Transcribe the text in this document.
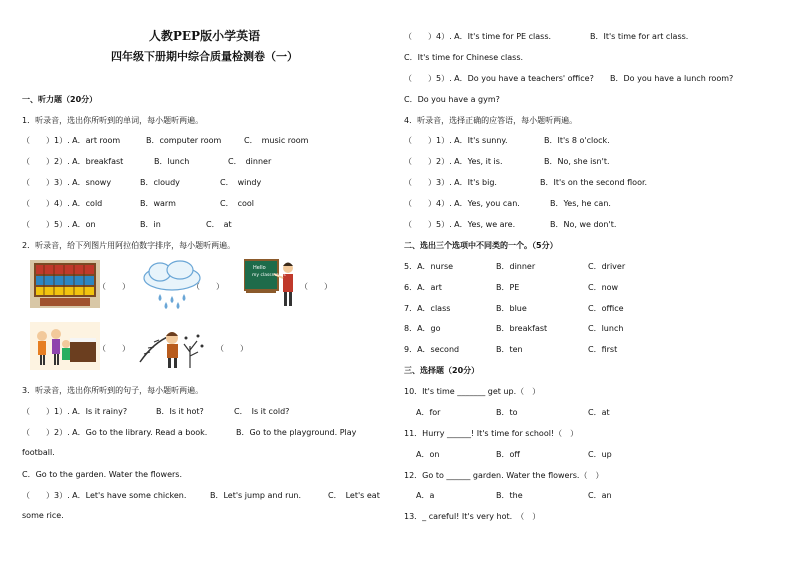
人教PEP版小学英语
四年级下册期中综合质量检测卷（一）
一、听力题（20分）
1．听录音，选出你所听到的单词，每小题听两遍。
（　　）1）. A．art room	B．computer room	C．　music room
（　　）2）. A．breakfast	B．lunch	C．　dinner
（　　）3）. A．snowy	B．cloudy	C．　windy
（　　）4）. A．cold	B．warm	C．　cool
（　　）5）. A．on	B．in	C．　at
2．听录音，给下列图片用阿拉伯数字排序，每小题听两遍。
（　　）	（　　）
Hello
my classmates
（　　）
（　　）	（　　）
3．听录音，选出你所听到的句子，每小题听两遍。
（　　）1）. A．Is it rainy?	B．Is it hot?	C．　Is it cold?
（　　）2）. A．Go to the library. Read a book.	B．Go to the playground. Play
football.
C．Go to the garden. Water the flowers.
（　　）3）. A．Let's have some chicken.	B．Let's jump and run.	C．　Let's eat
some rice.
（　　）4）. A．It's time for PE class.	B．It's time for art class.
C．It's time for Chinese class.
（　　）5）. A．Do you have a teachers' office? B．Do you have a lunch room?
C．Do you have a gym?
4．听录音，选择正确的应答语，每小题听两遍。
（　　）1）. A．It's sunny.	B．It's 8 o'clock.
（　　）2）. A．Yes, it is.	B．No, she isn't.
（　　）3）. A．It's big.	B．It's on the second floor.
（　　）4）. A．Yes, you can.	B．Yes, he can.
（　　）5）. A．Yes, we are.	B．No, we don't.
二、选出三个选项中不同类的一个。（5分）
5．A．nurse	B．dinner	C．driver
6．A．art	B．PE	C．now
7．A．class	B．blue	C．office
8．A．go	B．breakfast	C．lunch
9．A．second	B．ten	C．first
三、选择题（20分）
10．It's time _______ get up.（　）
A．for	B．to	C．at
11．Hurry ______! It's time for school!（　）
A．on	B．off	C．up
12．Go to ______ garden. Water the flowers.（　）
A．a	B．the	C．an
13．_ careful! It's very hot.　（　）
